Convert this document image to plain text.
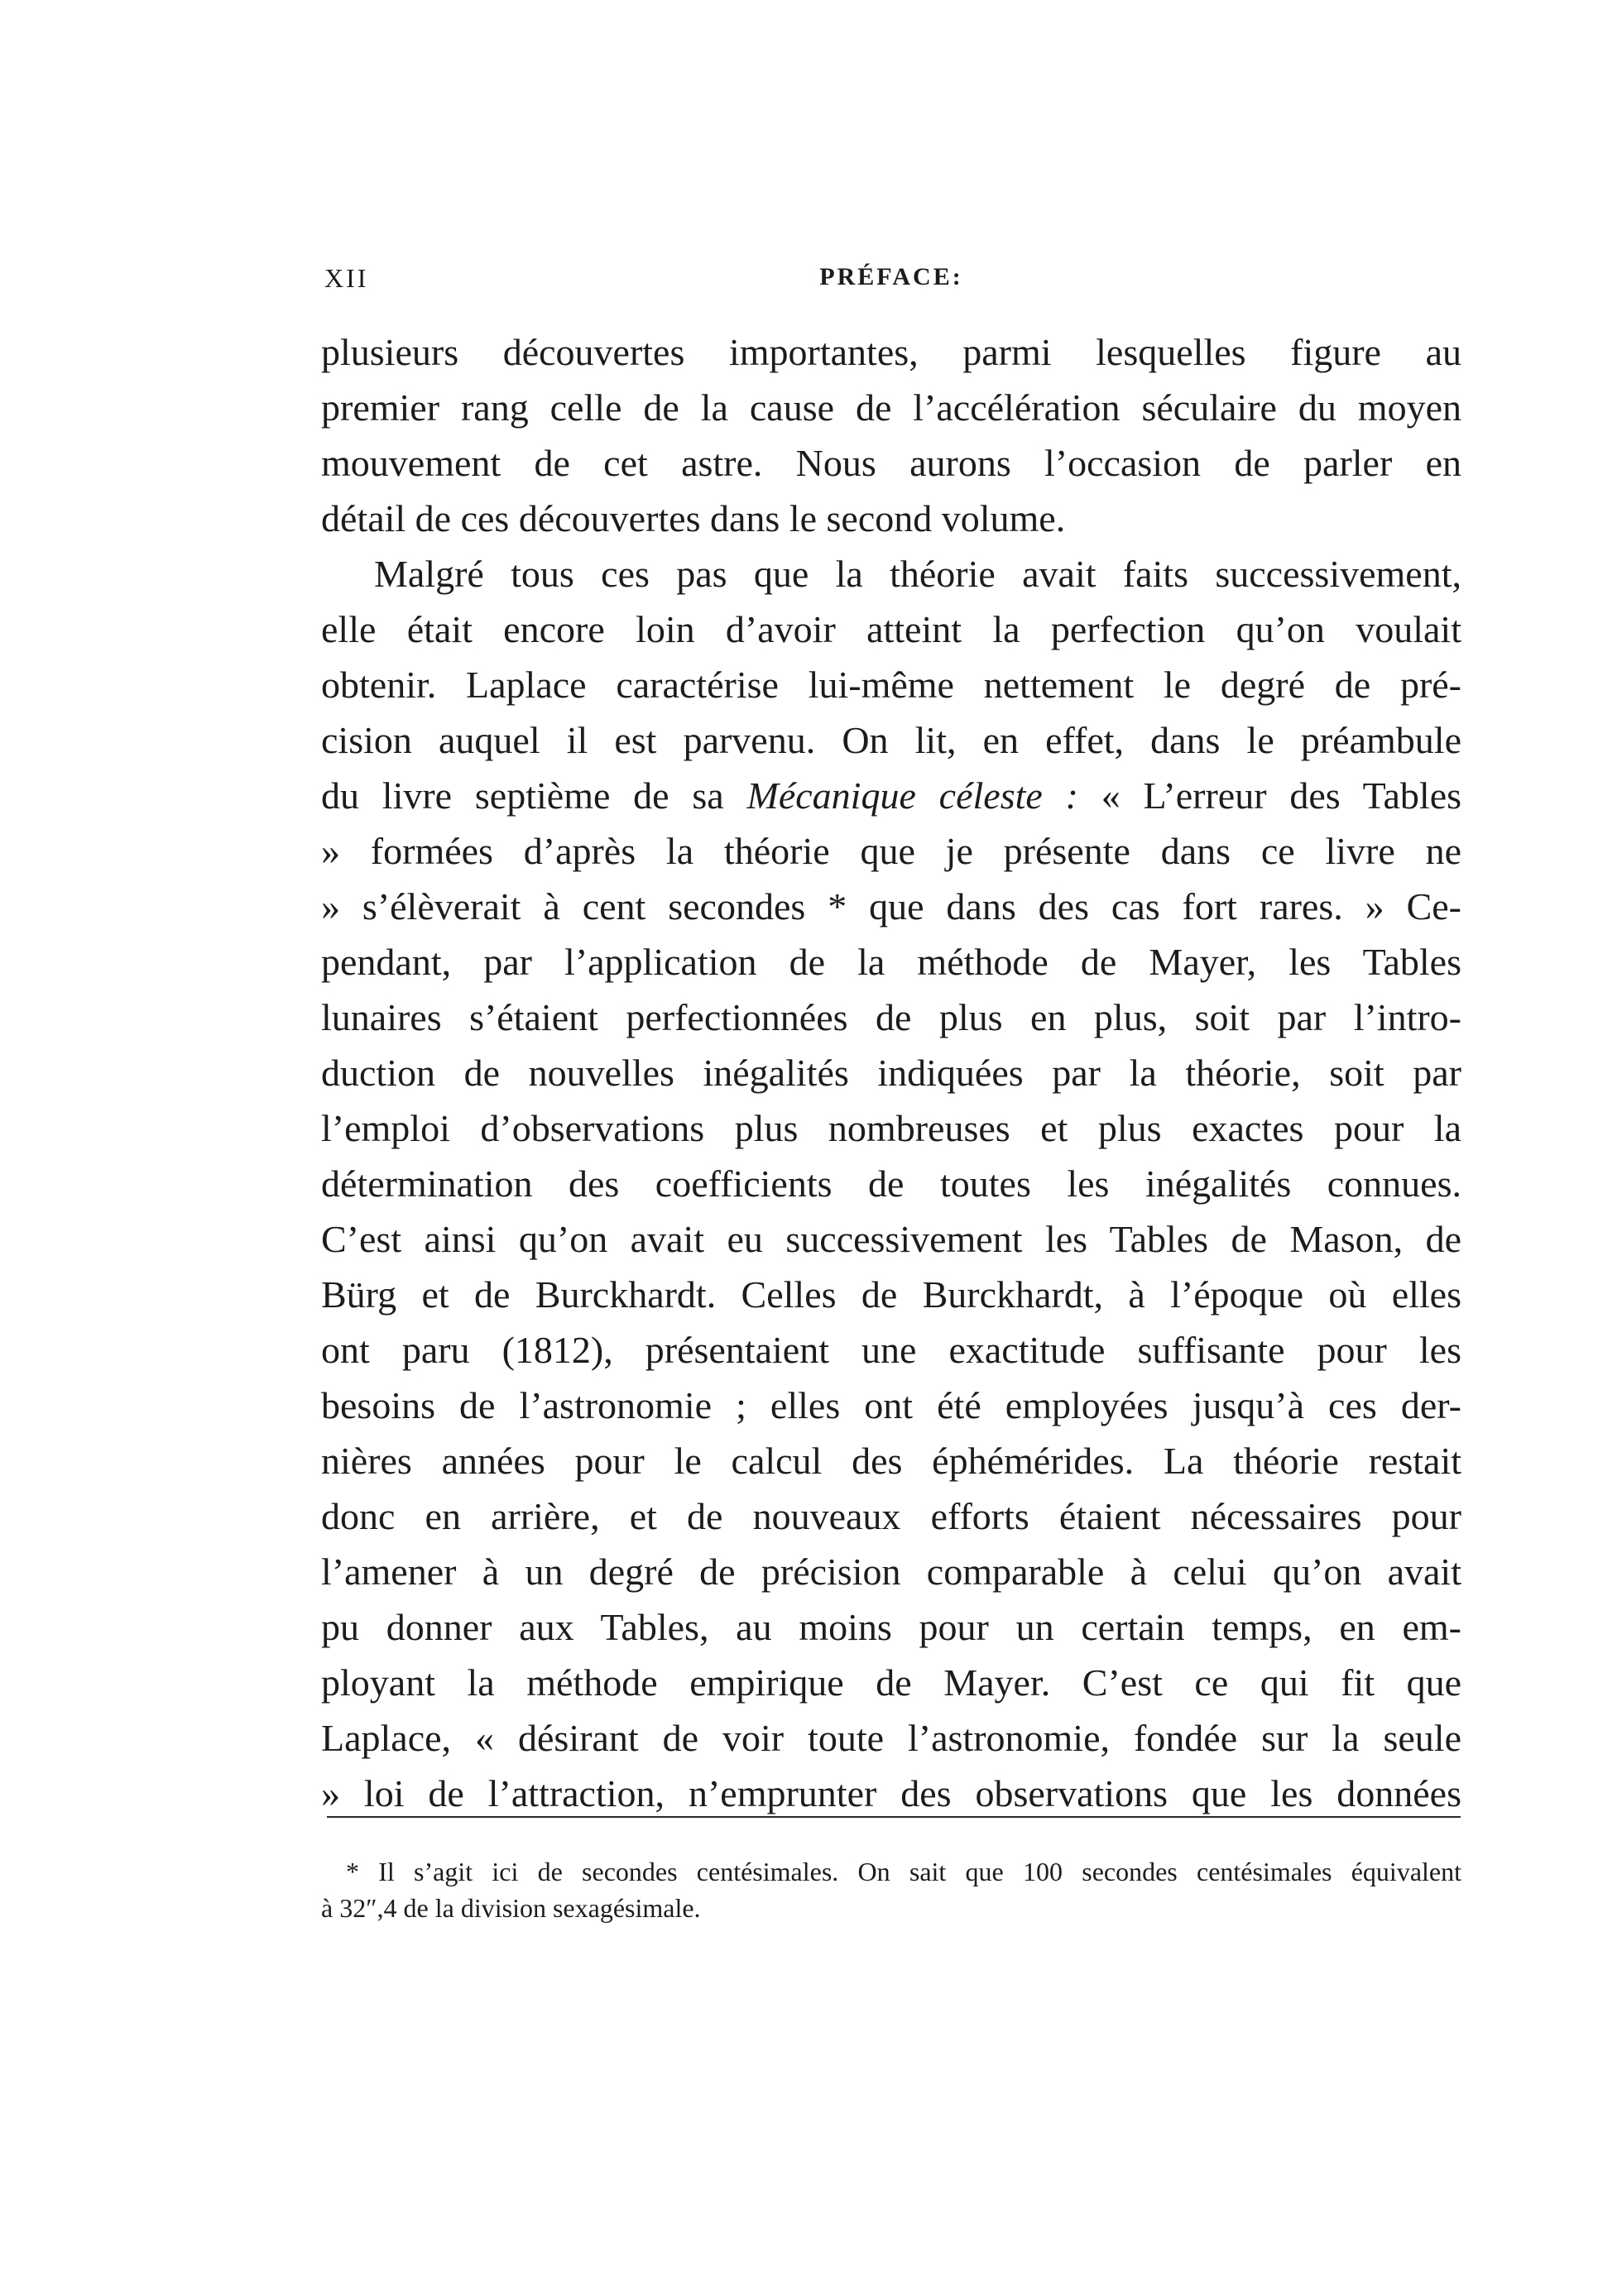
XII	PRÉFACE:
plusieurs découvertes importantes, parmi lesquelles figure au
premier rang celle de la cause de l’accélération séculaire du moyen
mouvement de cet astre. Nous aurons l’occasion de parler en
détail de ces découvertes dans le second volume.
Malgré tous ces pas que la théorie avait faits successivement,
elle était encore loin d’avoir atteint la perfection qu’on voulait
obtenir. Laplace caractérise lui-même nettement le degré de pré-
cision auquel il est parvenu. On lit, en effet, dans le préambule
du livre septième de sa Mécanique céleste : « L’erreur des Tables
» formées d’après la théorie que je présente dans ce livre ne
» s’élèverait à cent secondes * que dans des cas fort rares. » Ce-
pendant, par l’application de la méthode de Mayer, les Tables
lunaires s’étaient perfectionnées de plus en plus, soit par l’intro-
duction de nouvelles inégalités indiquées par la théorie, soit par
l’emploi d’observations plus nombreuses et plus exactes pour la
détermination des coefficients de toutes les inégalités connues.
C’est ainsi qu’on avait eu successivement les Tables de Mason, de
Bürg et de Burckhardt. Celles de Burckhardt, à l’époque où elles
ont paru (1812), présentaient une exactitude suffisante pour les
besoins de l’astronomie ; elles ont été employées jusqu’à ces der-
nières années pour le calcul des éphémérides. La théorie restait
donc en arrière, et de nouveaux efforts étaient nécessaires pour
l’amener à un degré de précision comparable à celui qu’on avait
pu donner aux Tables, au moins pour un certain temps, en em-
ployant la méthode empirique de Mayer. C’est ce qui fit que
Laplace, « désirant de voir toute l’astronomie, fondée sur la seule
» loi de l’attraction, n’emprunter des observations que les données
* Il s’agit ici de secondes centésimales. On sait que 100 secondes centésimales équivalent
à 32″,4 de la division sexagésimale.
